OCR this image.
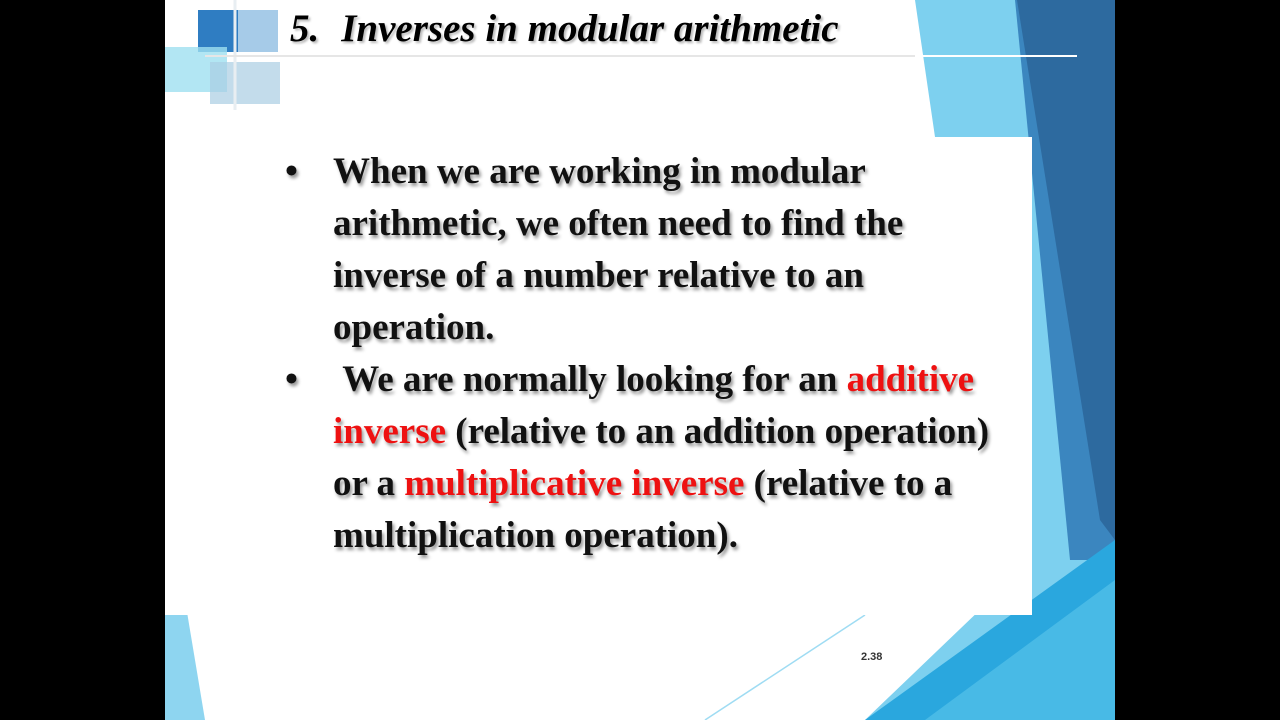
5. Inverses in modular arithmetic
• When we are working in modular arithmetic, we often need to find the inverse of a number relative to an operation.
• We are normally looking for an additive inverse (relative to an addition operation) or a multiplicative inverse (relative to a multiplication operation).
2.38
